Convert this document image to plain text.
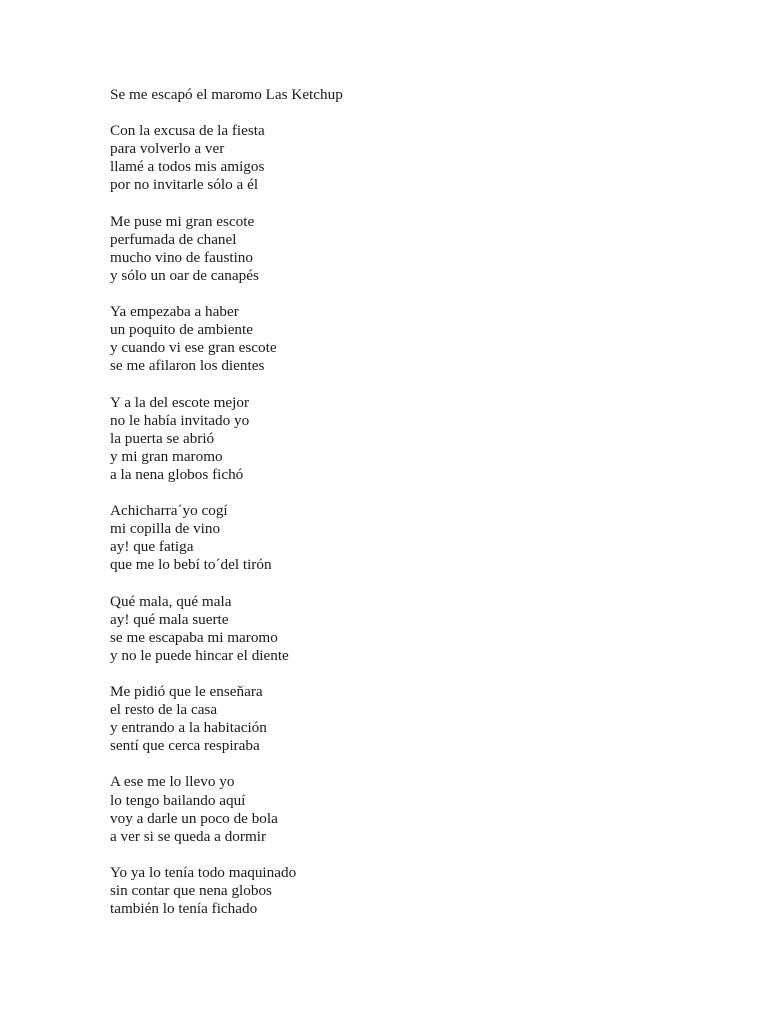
Se me escapó el maromo Las Ketchup
Con la excusa de la fiesta
para volverlo a ver
llamé a todos mis amigos
por no invitarle sólo a él
Me puse mi gran escote
perfumada de chanel
mucho vino de faustino
y sólo un oar de canapés
Ya empezaba a haber
un poquito de ambiente
y cuando vi ese gran escote
se me afilaron los dientes
Y a la del escote mejor
no le había invitado yo
la puerta se abrió
y mi gran maromo
a la nena globos fichó
Achicharra´yo cogí
mi copilla de vino
ay! que fatiga
que me lo bebí to´del tirón
Qué mala, qué mala
ay! qué mala suerte
se me escapaba mi maromo
y no le puede hincar el diente
Me pidió que le enseňara
el resto de la casa
y entrando a la habitación
sentí que cerca respiraba
A ese me lo llevo yo
lo tengo bailando aquí
voy a darle un poco de bola
a ver si se queda a dormir
Yo ya lo tenía todo maquinado
sin contar que nena globos
también lo tenía fichado
